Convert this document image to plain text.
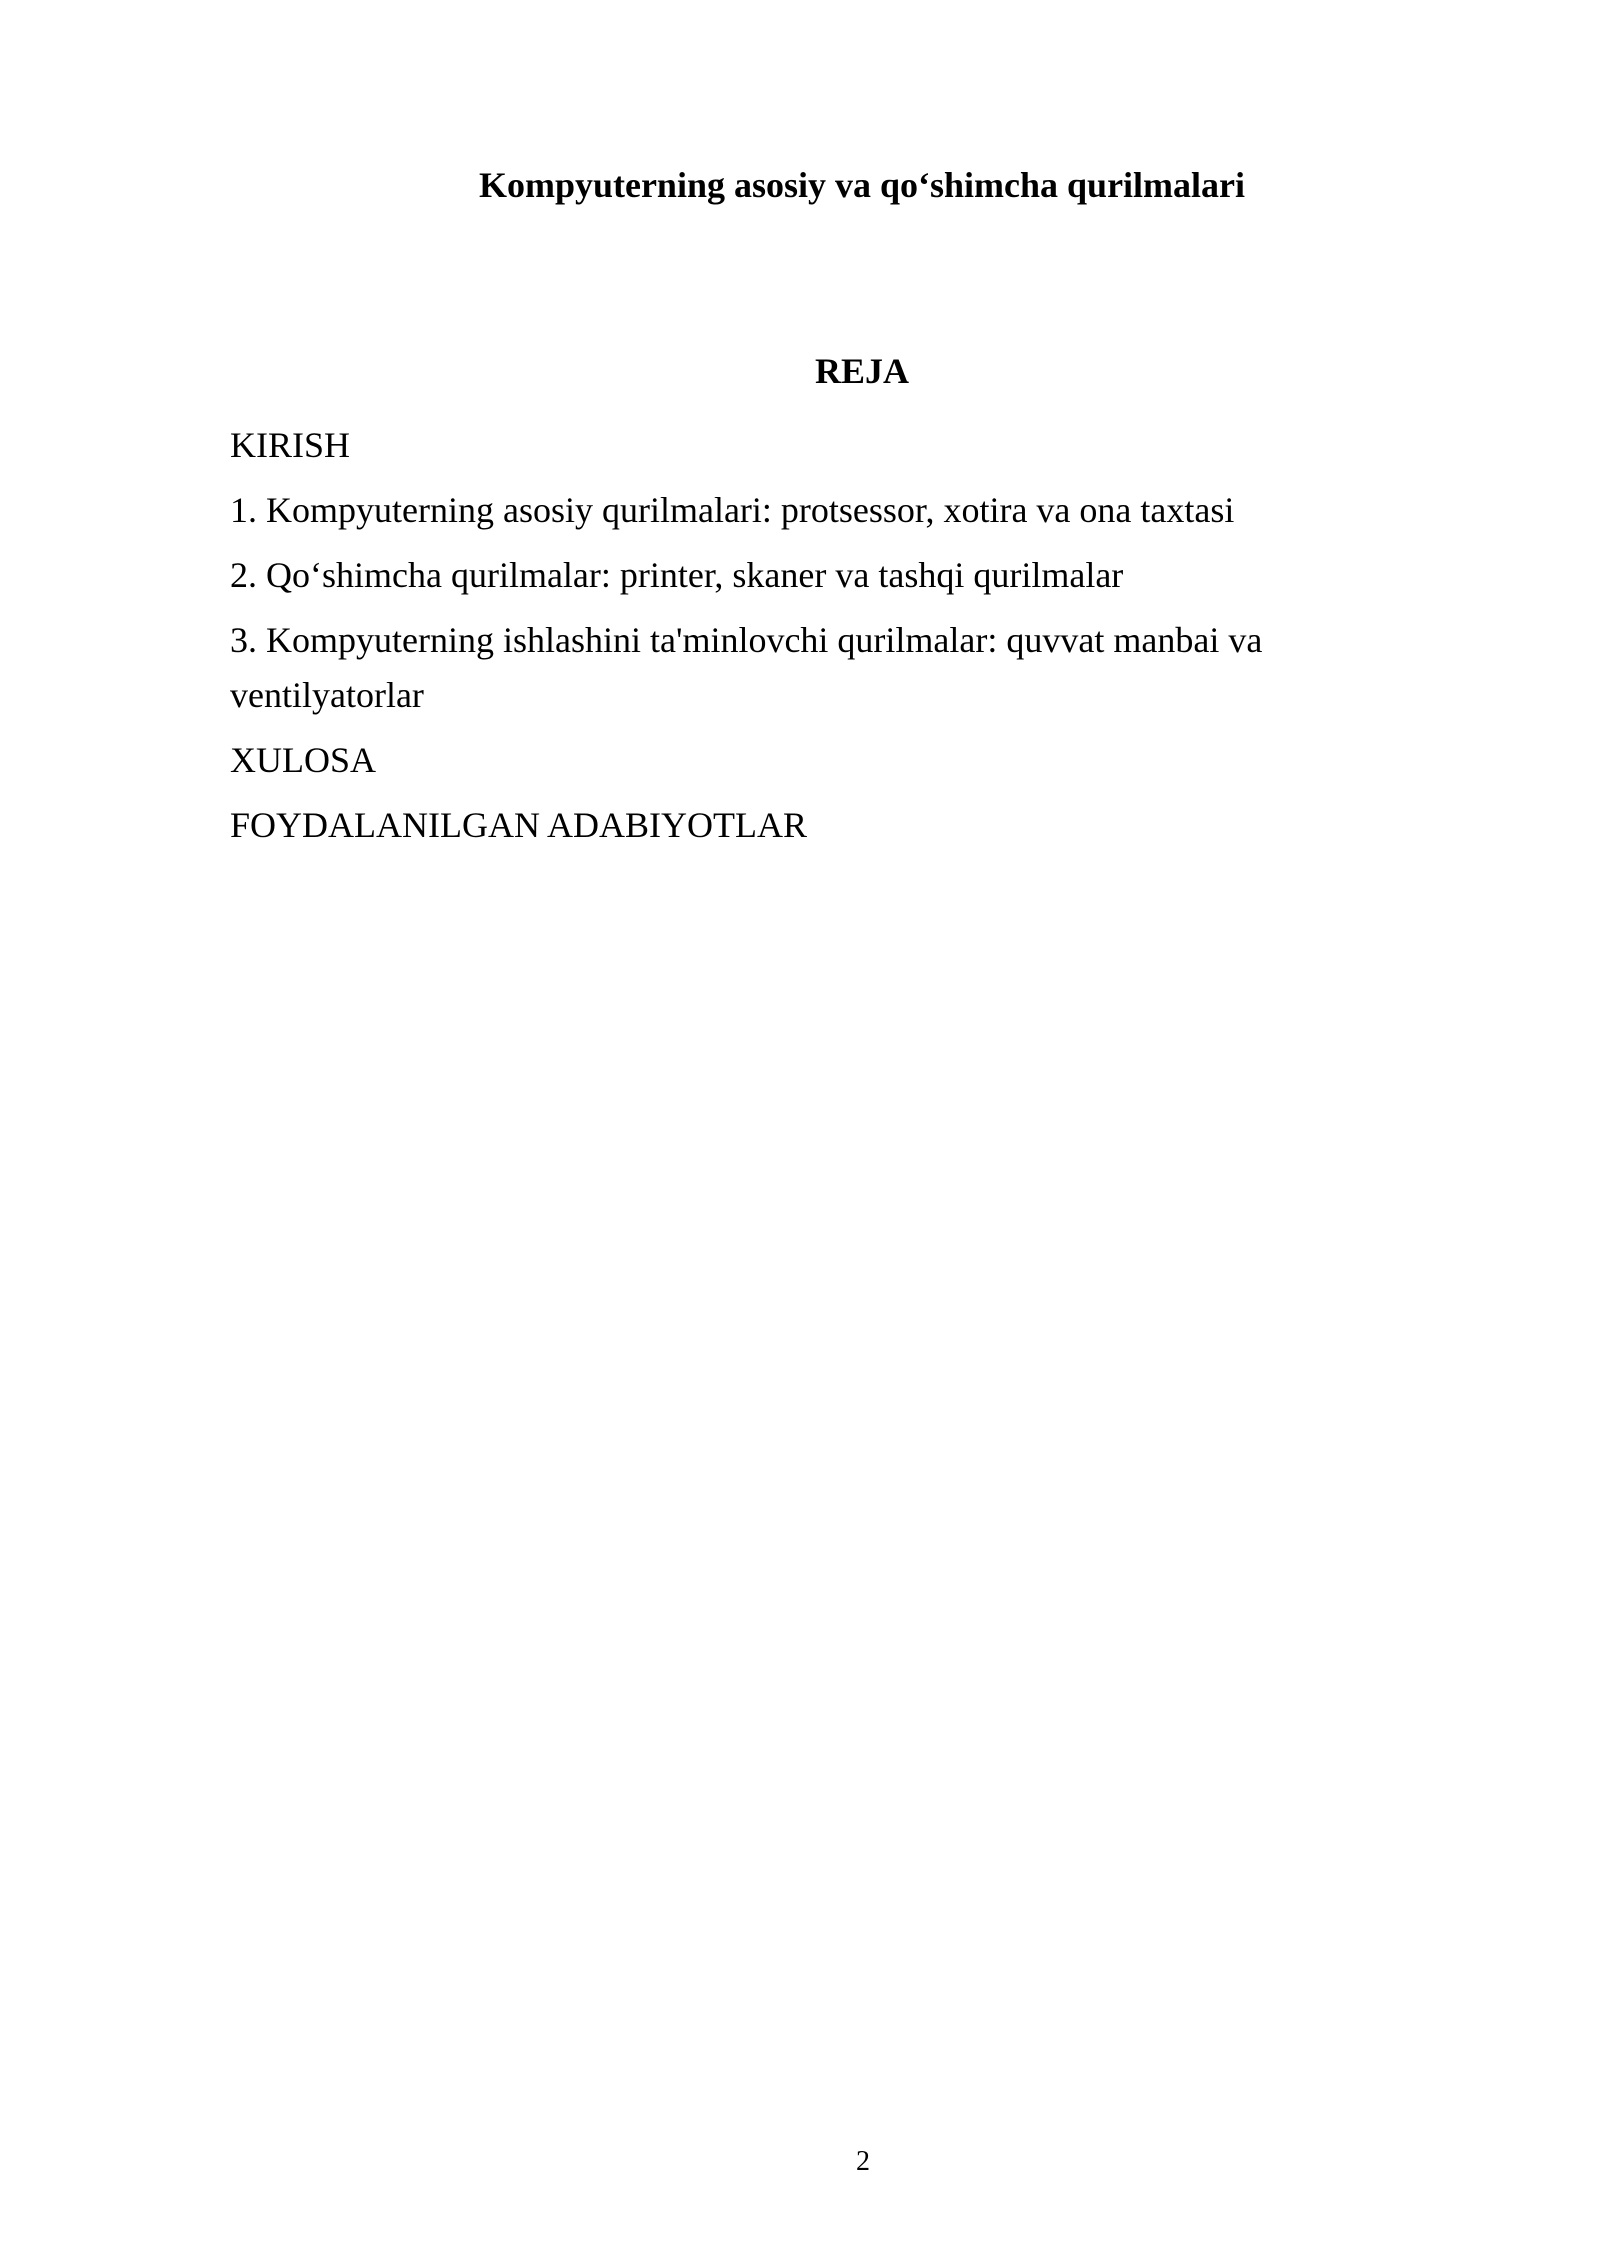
Kompyuterning asosiy va qo‘shimcha qurilmalari
REJA
KIRISH
1. Kompyuterning asosiy qurilmalari: protsessor, xotira va ona taxtasi
2. Qo‘shimcha qurilmalar: printer, skaner va tashqi qurilmalar
3. Kompyuterning ishlashini ta'minlovchi qurilmalar: quvvat manbai va ventilyatorlar
XULOSA
FOYDALANILGAN ADABIYOTLAR
2
